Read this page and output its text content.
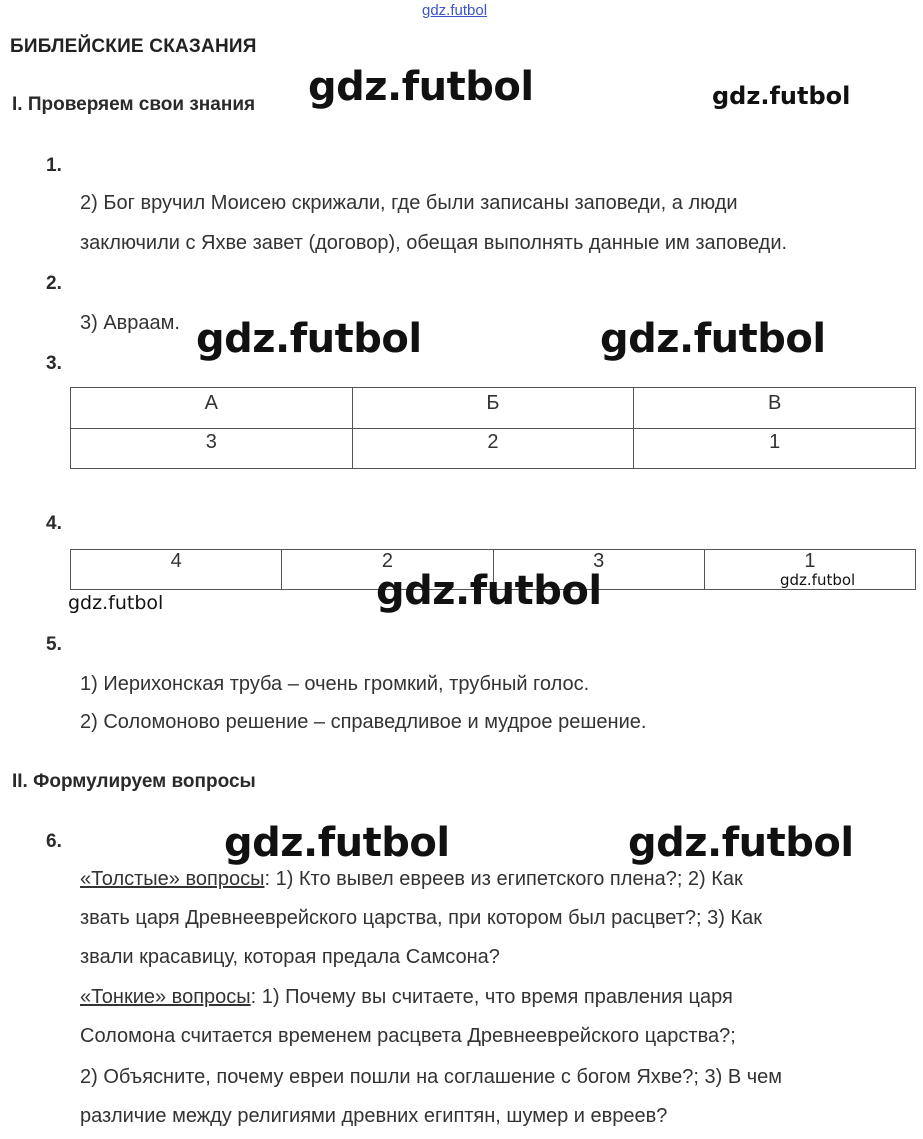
gdz.futbol
БИБЛЕЙСКИЕ СКАЗАНИЯ
I. Проверяем свои знания gdz.futbol	gdz.futbol
1.
2) Бог вручил Моисею скрижали, где были записаны заповеди, а люди
заключили с Яхве завет (договор), обещая выполнять данные им заповеди.
2.
3) Авраам. gdz.futbol	gdz.futbol
3.
А	Б	В
3	2	1
4.
4	2	3	1
gdz.futbol
gdz.futbol	gdz.futbol
5.
1) Иерихонская труба – очень громкий, трубный голос.
2) Соломоново решение – справедливое и мудрое решение.
II. Формулируем вопросы
6.	gdz.futbol	gdz.futbol
«Толстые» вопросы: 1) Кто вывел евреев из египетского плена?; 2) Как
звать царя Древнееврейского царства, при котором был расцвет?; 3) Как
звали красавицу, которая предала Самсона?
«Тонкие» вопросы: 1) Почему вы считаете, что время правления царя
Соломона считается временем расцвета Древнееврейского царства?;
2) Объясните, почему евреи пошли на соглашение с богом Яхве?; 3) В чем
различие между религиями древних египтян, шумер и евреев?
